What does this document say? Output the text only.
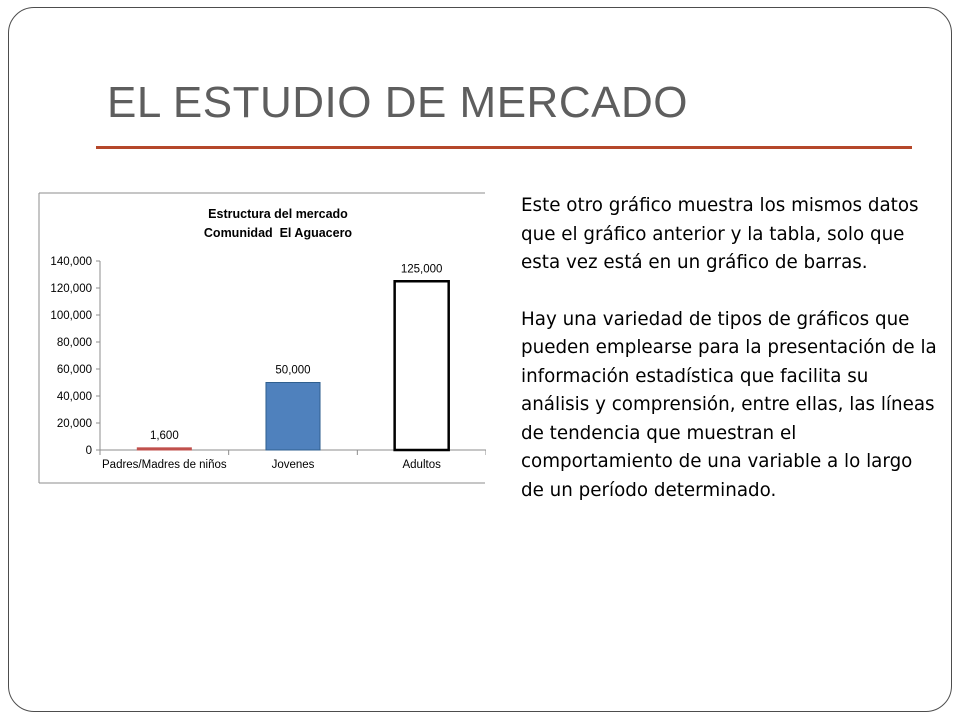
EL ESTUDIO DE MERCADO
Estructura del mercado
Comunidad  El Aguacero
0
20,000
40,000
60,000
80,000
100,000
120,000
140,000
Padres/Madres de niños	Jovenes	Adultos
1,600
50,000
125,000

Este otro gráfico muestra los mismos datos que el gráfico anterior y la tabla, solo que esta vez está en un gráfico de barras.

Hay una variedad de tipos de gráficos que pueden emplearse para la presentación de la información estadística que facilita su análisis y comprensión, entre ellas, las líneas de tendencia que muestran el comportamiento de una variable a lo largo de un período determinado.
